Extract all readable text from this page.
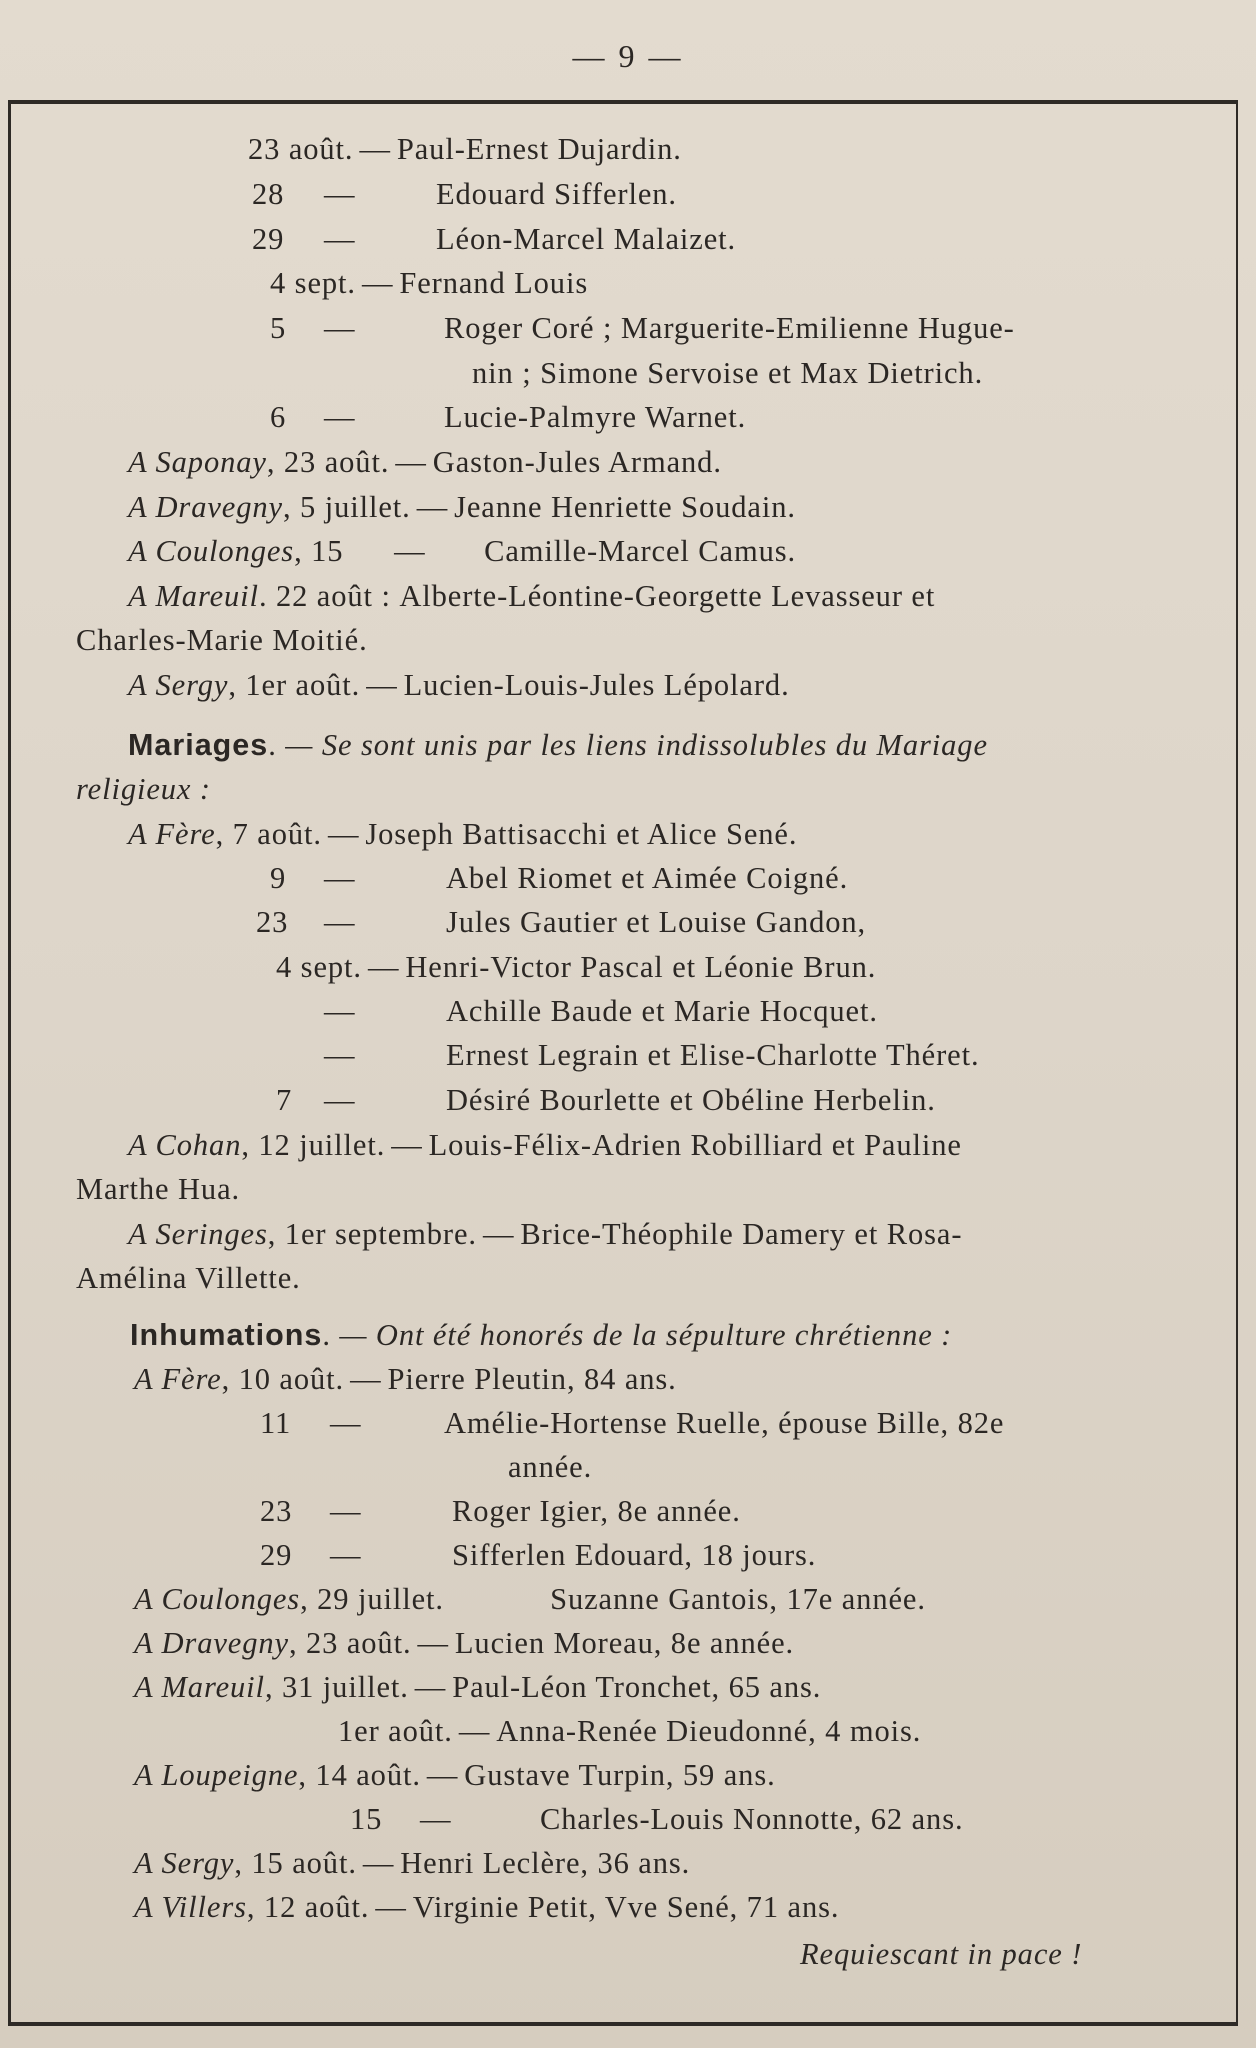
— 9 —
23 août. — Paul-Ernest Dujardin.
28 —	Edouard Sifferlen.
29 —	Léon-Marcel Malaizet.
4 sept. — Fernand Louis
5 —	Roger Coré ; Marguerite-Emilienne Hugue-
nin ; Simone Servoise et Max Dietrich.
6 —	Lucie-Palmyre Warnet.
A Saponay, 23 août. — Gaston-Jules Armand.
A Dravegny, 5 juillet. — Jeanne Henriette Soudain.
A Coulonges, 15 — Camille-Marcel Camus.
A Mareuil. 22 août : Alberte-Léontine-Georgette Levasseur et
Charles-Marie Moitié.
A Sergy, 1er août. — Lucien-Louis-Jules Lépolard.
Mariages. — Se sont unis par les liens indissolubles du Mariage
religieux :
A Fère, 7 août. — Joseph Battisacchi et Alice Sené.
9 —	Abel Riomet et Aimée Coigné.
23 —	Jules Gautier et Louise Gandon,
4 sept. — Henri-Victor Pascal et Léonie Brun.
—	Achille Baude et Marie Hocquet.
—	Ernest Legrain et Elise-Charlotte Théret.
7 —	Désiré Bourlette et Obéline Herbelin.
A Cohan, 12 juillet. — Louis-Félix-Adrien Robilliard et Pauline
Marthe Hua.
A Seringes, 1er septembre. — Brice-Théophile Damery et Rosa-
Amélina Villette.
Inhumations. — Ont été honorés de la sépulture chrétienne :
A Fère, 10 août. — Pierre Pleutin, 84 ans.
11 —	Amélie-Hortense Ruelle, épouse Bille, 82e
année.
23 —	Roger Igier, 8e année.
29 —	Sifferlen Edouard, 18 jours.
A Coulonges, 29 juillet.	Suzanne Gantois, 17e année.
A Dravegny, 23 août. — Lucien Moreau, 8e année.
A Mareuil, 31 juillet. — Paul-Léon Tronchet, 65 ans.
1er août. — Anna-Renée Dieudonné, 4 mois.
A Loupeigne, 14 août. — Gustave Turpin, 59 ans.
15 —	Charles-Louis Nonnotte, 62 ans.
A Sergy, 15 août. — Henri Leclère, 36 ans.
A Villers, 12 août. — Virginie Petit, Vve Sené, 71 ans.
Requiescant in pace !
